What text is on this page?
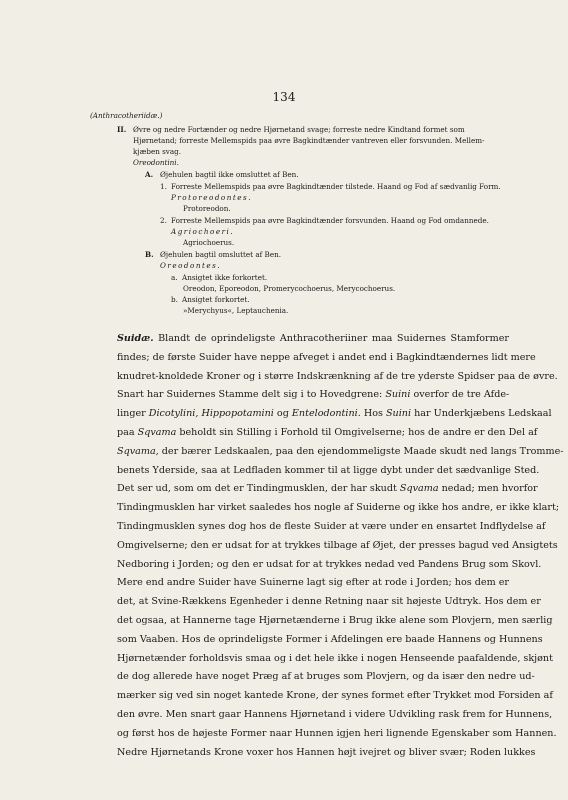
134
(Anthracotheriidæ.)
II. Øvre og nedre Fortænder og nedre Hjørnetand svage; forreste nedre Kindtand formet som
Hjørnetand; forreste Mellemspids paa øvre Bagkindtænder vantreven eller forsvunden. Mellem-
kjæben svag.
Oreodontini.
A. Øjehulen bagtil ikke omsluttet af Ben.
1. Forreste Mellemspids paa øvre Bagkindtænder tilstede. Haand og Fod af sædvanlig Form.
Protoreodontes.
Protoreodon.
2. Forreste Mellemspids paa øvre Bagkindtænder forsvunden. Haand og Fod omdannede.
Agriochoeri.
Agriochoerus.
B. Øjehulen bagtil omsluttet af Ben.
Oreodontes.
a. Ansigtet ikke forkortet.
Oreodon, Eporeodon, Promerycochoerus, Merycochoerus.
b. Ansigtet forkortet.
»Merychyus«, Leptauchenia.
Suidæ. Blandt de oprindeligste Anthracotheriiner maa Suidernes Stamformer
findes; de første Suider have neppe afveget i andet end i Bagkindtændernes lidt mere
knudret-knoldede Kroner og i større Indskrænkning af de tre yderste Spidser paa de øvre.
Snart har Suidernes Stamme delt sig i to Hovedgrene: Suini overfor de tre Afde-
linger Dicotylini, Hippopotamini og Entelodontini. Hos Suini har Underkjæbens Ledskaal
paa Sqvama beholdt sin Stilling i Forhold til Omgivelserne; hos de andre er den Del af
Sqvama, der bærer Ledskaalen, paa den ejendommeligste Maade skudt ned langs Tromme-
benets Yderside, saa at Ledfladen kommer til at ligge dybt under det sædvanlige Sted.
Det ser ud, som om det er Tindingmusklen, der har skudt Sqvama nedad; men hvorfor
Tindingmusklen har virket saaledes hos nogle af Suiderne og ikke hos andre, er ikke klart;
Tindingmusklen synes dog hos de fleste Suider at være under en ensartet Indflydelse af
Omgivelserne; den er udsat for at trykkes tilbage af Øjet, der presses bagud ved Ansigtets
Nedboring i Jorden; og den er udsat for at trykkes nedad ved Pandens Brug som Skovl.
Mere end andre Suider have Suinerne lagt sig efter at rode i Jorden; hos dem er
det, at Svine-Rækkens Egenheder i denne Retning naar sit højeste Udtryk. Hos dem er
det ogsaa, at Hannerne tage Hjørnetænderne i Brug ikke alene som Plovjern, men særlig
som Vaaben. Hos de oprindeligste Former i Afdelingen ere baade Hannens og Hunnens
Hjørnetænder forholdsvis smaa og i det hele ikke i nogen Henseende paafaldende, skjønt
de dog allerede have noget Præg af at bruges som Plovjern, og da især den nedre ud-
mærker sig ved sin noget kantede Krone, der synes formet efter Trykket mod Forsiden af
den øvre. Men snart gaar Hannens Hjørnetand i videre Udvikling rask frem for Hunnens,
og først hos de højeste Former naar Hunnen igjen heri lignende Egenskaber som Hannen.
Nedre Hjørnetands Krone voxer hos Hannen højt ivejret og bliver svær; Roden lukkes
